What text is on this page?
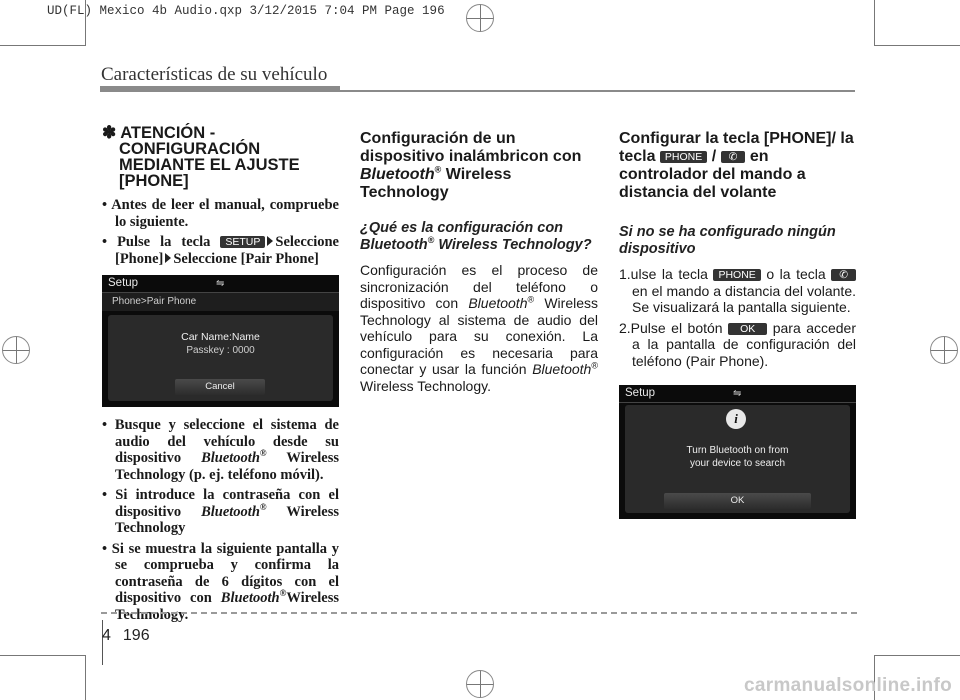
UD(FL) Mexico 4b Audio.qxp 3/12/2015 7:04 PM Page 196
Características de su vehículo
✽ ATENCIÓN -
CONFIGURACIÓN
MEDIANTE EL AJUSTE
[PHONE]

• Antes de leer el manual, compruebe lo siguiente.

• Pulse la tecla SETUP Seleccione [Phone] Seleccione [Pair Phone]

Setup	⇋
Phone>Pair Phone
Car Name:Name
Passkey : 0000
Cancel

• Busque y seleccione el sistema de audio del vehículo desde su dispositivo Bluetooth® Wireless Technology (p. ej. teléfono móvil).

• Si introduce la contraseña con el dispositivo Bluetooth® Wireless Technology

• Si se muestra la siguiente pantalla y se comprueba y confirma la contraseña de 6 dígitos con el dispositivo con Bluetooth®Wireless Technology.

Configuración de un
dispositivo inalámbricon con
Bluetooth® Wireless
Technology
¿Qué es la configuración con
Bluetooth® Wireless Technology?

Configuración es el proceso de sincronización del teléfono o dispositivo con Bluetooth® Wireless Technology al sistema de audio del vehículo para su conexión. La configuración es necesaria para conectar y usar la función Bluetooth® Wireless Technology.

Configurar la tecla [PHONE]/ la
tecla PHONE / ✆ en
controlador del mando a
distancia del volante
Si no se ha configurado ningún
dispositivo

1.ulse la tecla PHONE o la tecla ✆ en el mando a distancia del volante. Se visualizará la pantalla siguiente.

2.Pulse el botón OK para acceder a la pantalla de configuración del teléfono (Pair Phone).

Setup	⇋
i
Turn Bluetooth on from
your device to search
OK
4 196
carmanualsonline.info
